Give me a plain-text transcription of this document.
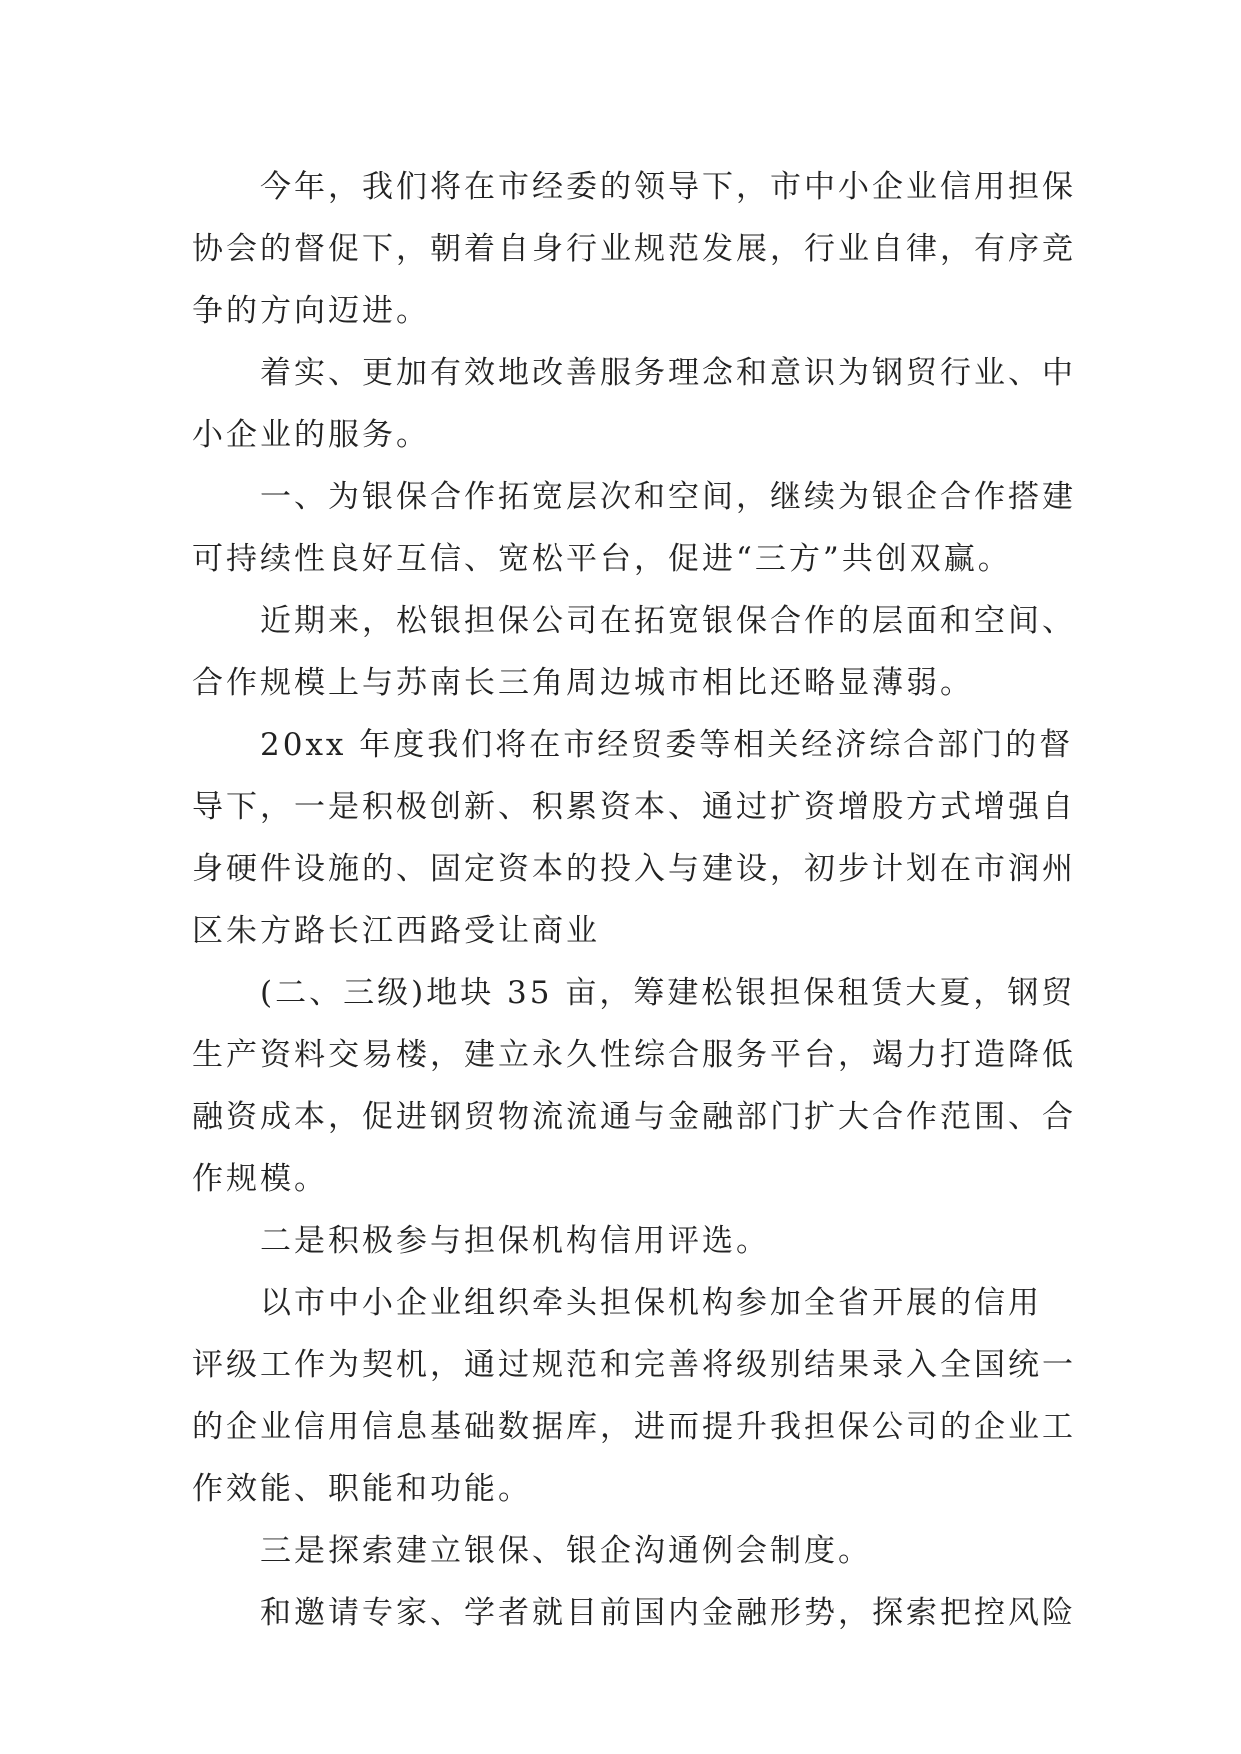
今年，我们将在市经委的领导下，市中小企业信用担保
协会的督促下，朝着自身行业规范发展，行业自律，有序竞
争的方向迈进。
着实、更加有效地改善服务理念和意识为钢贸行业、中
小企业的服务。
一、为银保合作拓宽层次和空间，继续为银企合作搭建
可持续性良好互信、宽松平台，促进“三方”共创双赢。
近期来，松银担保公司在拓宽银保合作的层面和空间、
合作规模上与苏南长三角周边城市相比还略显薄弱。
20xx 年度我们将在市经贸委等相关经济综合部门的督
导下，一是积极创新、积累资本、通过扩资增股方式增强自
身硬件设施的、固定资本的投入与建设，初步计划在市润州
区朱方路长江西路受让商业
(二、三级)地块 35 亩，筹建松银担保租赁大夏，钢贸
生产资料交易楼，建立永久性综合服务平台，竭力打造降低
融资成本，促进钢贸物流流通与金融部门扩大合作范围、合
作规模。
二是积极参与担保机构信用评选。
以市中小企业组织牵头担保机构参加全省开展的信用
评级工作为契机，通过规范和完善将级别结果录入全国统一
的企业信用信息基础数据库，进而提升我担保公司的企业工
作效能、职能和功能。
三是探索建立银保、银企沟通例会制度。
和邀请专家、学者就目前国内金融形势，探索把控风险
